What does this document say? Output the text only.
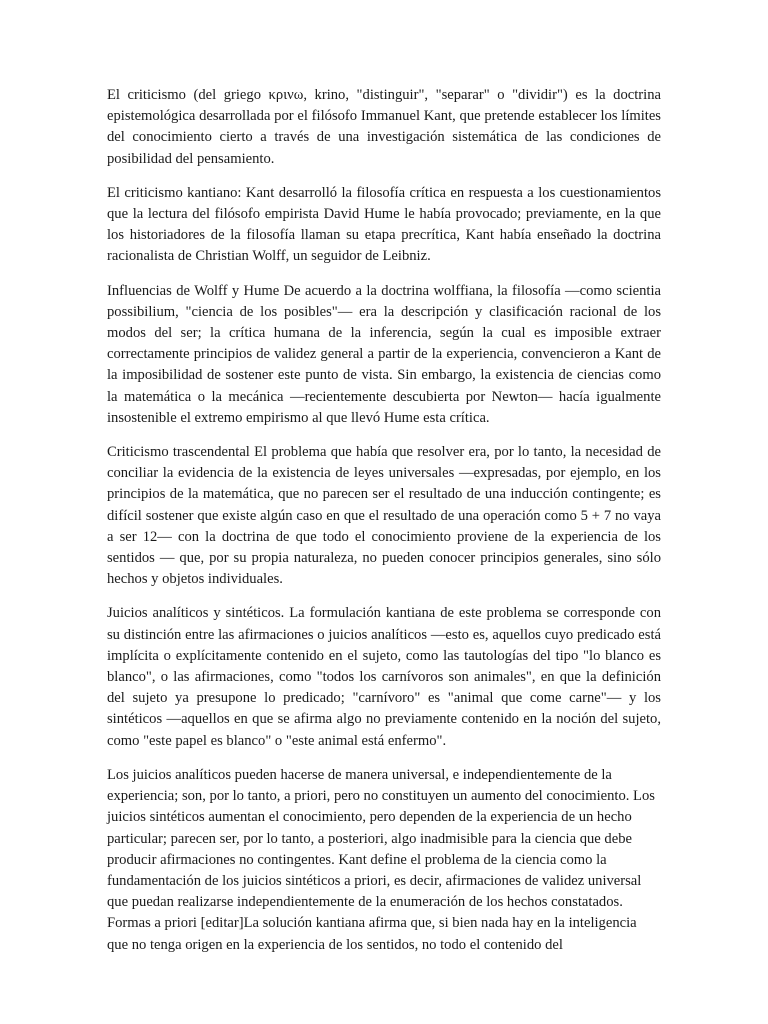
El criticismo (del griego κρινω, krino, "distinguir", "separar" o "dividir") es la doctrina epistemológica desarrollada por el filósofo Immanuel Kant, que pretende establecer los límites del conocimiento cierto a través de una investigación sistemática de las condiciones de posibilidad del pensamiento.

El criticismo kantiano: Kant desarrolló la filosofía crítica en respuesta a los cuestionamientos que la lectura del filósofo empirista David Hume le había provocado; previamente, en la que los historiadores de la filosofía llaman su etapa precrítica, Kant había enseñado la doctrina racionalista de Christian Wolff, un seguidor de Leibniz.

Influencias de Wolff y Hume De acuerdo a la doctrina wolffiana, la filosofía —como scientia possibilium, "ciencia de los posibles"— era la descripción y clasificación racional de los modos del ser; la crítica humana de la inferencia, según la cual es imposible extraer correctamente principios de validez general a partir de la experiencia, convencieron a Kant de la imposibilidad de sostener este punto de vista. Sin embargo, la existencia de ciencias como la matemática o la mecánica —recientemente descubierta por Newton— hacía igualmente insostenible el extremo empirismo al que llevó Hume esta crítica.

Criticismo trascendental El problema que había que resolver era, por lo tanto, la necesidad de conciliar la evidencia de la existencia de leyes universales —expresadas, por ejemplo, en los principios de la matemática, que no parecen ser el resultado de una inducción contingente; es difícil sostener que existe algún caso en que el resultado de una operación como 5 + 7 no vaya a ser 12— con la doctrina de que todo el conocimiento proviene de la experiencia de los sentidos — que, por su propia naturaleza, no pueden conocer principios generales, sino sólo hechos y objetos individuales.

Juicios analíticos y sintéticos. La formulación kantiana de este problema se corresponde con su distinción entre las afirmaciones o juicios analíticos —esto es, aquellos cuyo predicado está implícita o explícitamente contenido en el sujeto, como las tautologías del tipo "lo blanco es blanco", o las afirmaciones, como "todos los carnívoros son animales", en que la definición del sujeto ya presupone lo predicado; "carnívoro" es "animal que come carne"— y los sintéticos —aquellos en que se afirma algo no previamente contenido en la noción del sujeto, como "este papel es blanco" o "este animal está enfermo".

Los juicios analíticos pueden hacerse de manera universal, e independientemente de la experiencia; son, por lo tanto, a priori, pero no constituyen un aumento del conocimiento. Los juicios sintéticos aumentan el conocimiento, pero dependen de la experiencia de un hecho particular; parecen ser, por lo tanto, a posteriori, algo inadmisible para la ciencia que debe producir afirmaciones no contingentes. Kant define el problema de la ciencia como la fundamentación de los juicios sintéticos a priori, es decir, afirmaciones de validez universal que puedan realizarse independientemente de la enumeración de los hechos constatados. Formas a priori [editar]La solución kantiana afirma que, si bien nada hay en la inteligencia que no tenga origen en la experiencia de los sentidos, no todo el contenido del
